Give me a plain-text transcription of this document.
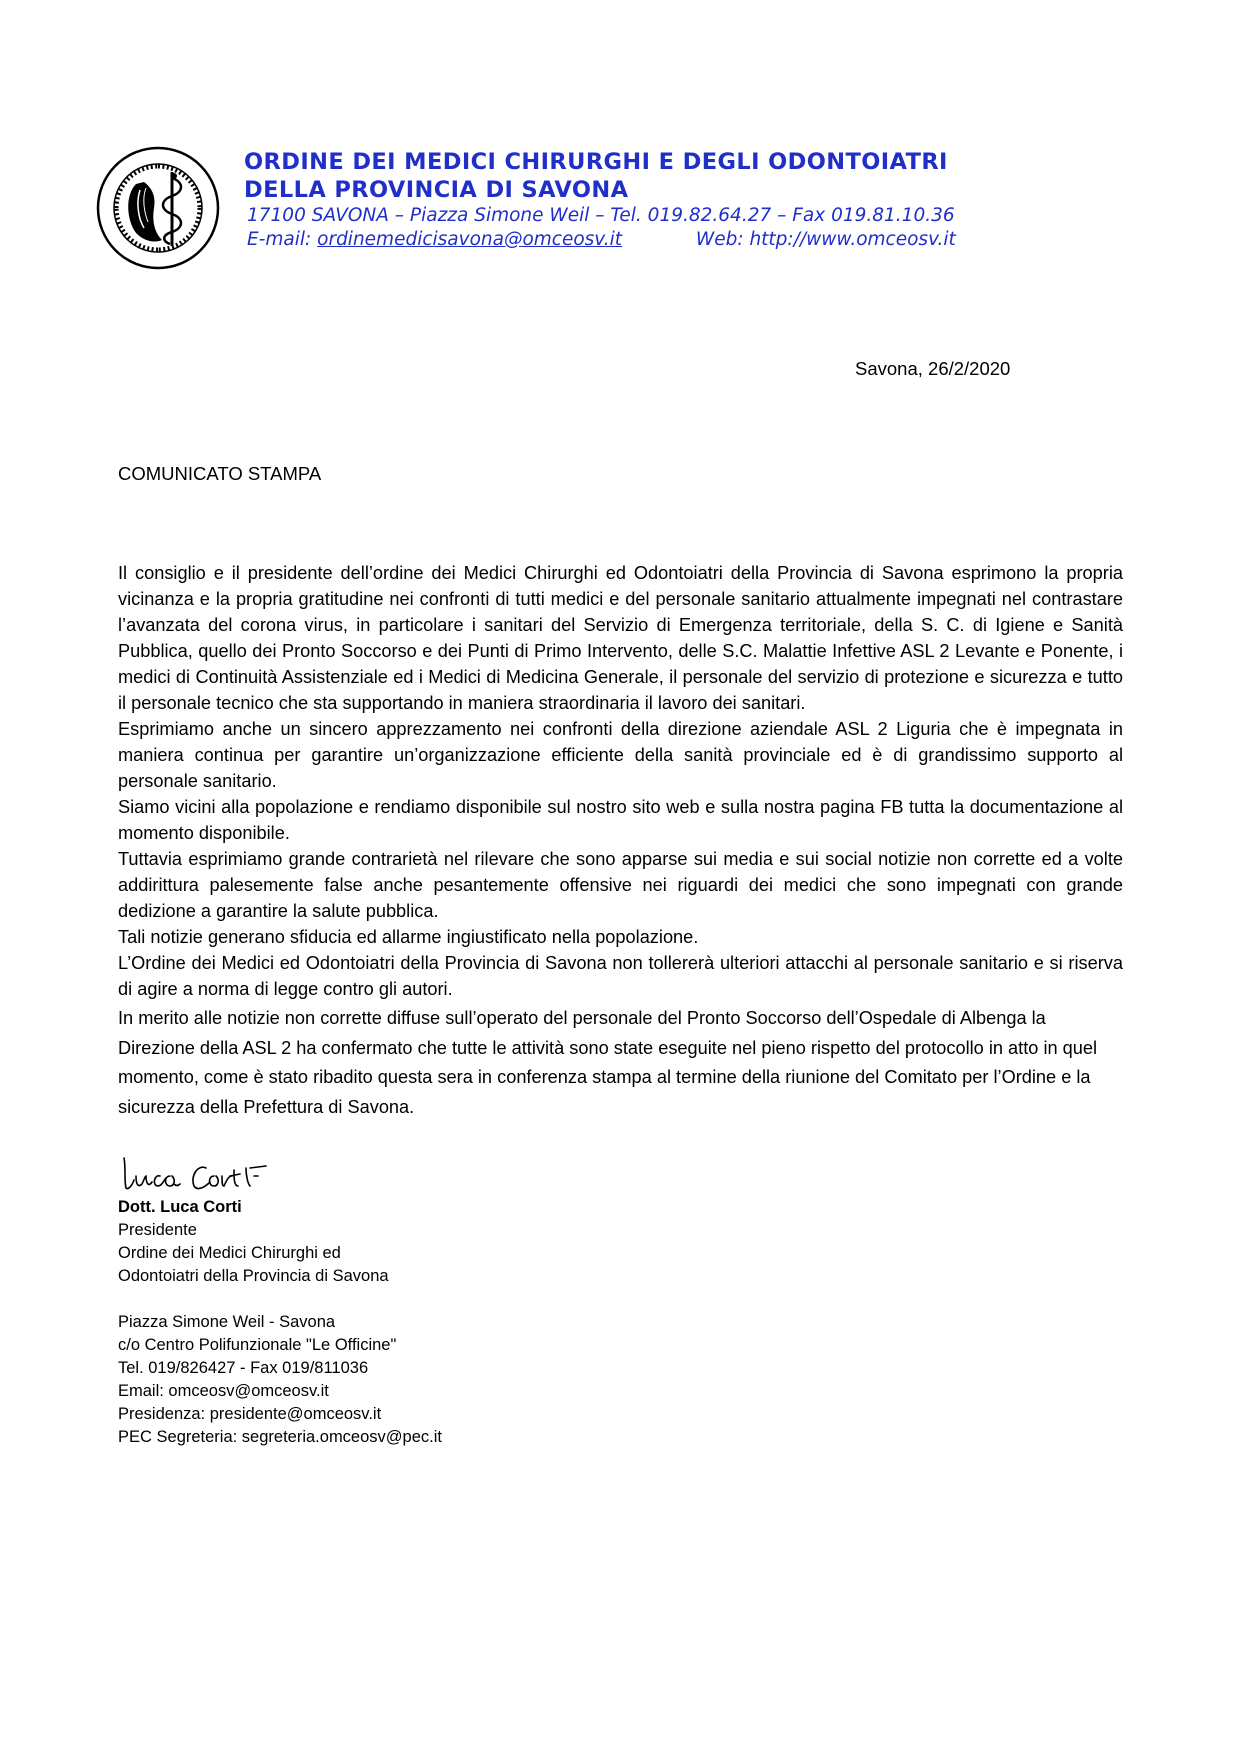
ORDINE DEI MEDICI CHIRURGHI E DEGLI ODONTOIATRI
DELLA PROVINCIA DI SAVONA
17100 SAVONA – Piazza Simone Weil – Tel. 019.82.64.27 – Fax 019.81.10.36
E-mail: ordinemedicisavona@omceosv.it	Web: http://www.omceosv.it
Savona, 26/2/2020
COMUNICATO STAMPA

Il consiglio e il presidente dell’ordine dei Medici Chirurghi ed Odontoiatri della Provincia di Savona esprimono la propria vicinanza e la propria gratitudine nei confronti di tutti medici e del personale sanitario attualmente impegnati nel contrastare l’avanzata del corona virus, in particolare i sanitari del Servizio di Emergenza territoriale, della S. C. di Igiene e Sanità Pubblica, quello dei Pronto Soccorso e dei Punti di Primo Intervento, delle S.C. Malattie Infettive ASL 2 Levante e Ponente, i medici di Continuità Assistenziale ed i Medici di Medicina Generale, il personale del servizio di protezione e sicurezza e tutto il personale tecnico che sta supportando in maniera straordinaria il lavoro dei sanitari.

Esprimiamo anche un sincero apprezzamento nei confronti della direzione aziendale ASL 2 Liguria che è impegnata in maniera continua per garantire un’organizzazione efficiente della sanità provinciale ed è di grandissimo supporto al personale sanitario.

Siamo vicini alla popolazione e rendiamo disponibile sul nostro sito web e sulla nostra pagina FB tutta la documentazione al momento disponibile.

Tuttavia esprimiamo grande contrarietà nel rilevare che sono apparse sui media e sui social notizie non corrette ed a volte addirittura palesemente false anche pesantemente offensive nei riguardi dei medici che sono impegnati con grande dedizione a garantire la salute pubblica.

Tali notizie generano sfiducia ed allarme ingiustificato nella popolazione.

L’Ordine dei Medici ed Odontoiatri della Provincia di Savona non tollererà ulteriori attacchi al personale sanitario e si riserva di agire a norma di legge contro gli autori.

In merito alle notizie non corrette diffuse sull’operato del personale del Pronto Soccorso dell’Ospedale di Albenga la Direzione della ASL 2 ha confermato che tutte le attività sono state eseguite nel pieno rispetto del protocollo in atto in quel momento, come è stato ribadito questa sera in conferenza stampa al termine della riunione del Comitato per l’Ordine e la sicurezza della Prefettura di Savona.

Dott. Luca Corti
Presidente
Ordine dei Medici Chirurghi ed
Odontoiatri della Provincia di Savona
Piazza Simone Weil - Savona
c/o Centro Polifunzionale "Le Officine"
Tel. 019/826427 - Fax 019/811036
Email: omceosv@omceosv.it
Presidenza: presidente@omceosv.it
PEC Segreteria: segreteria.omceosv@pec.it
